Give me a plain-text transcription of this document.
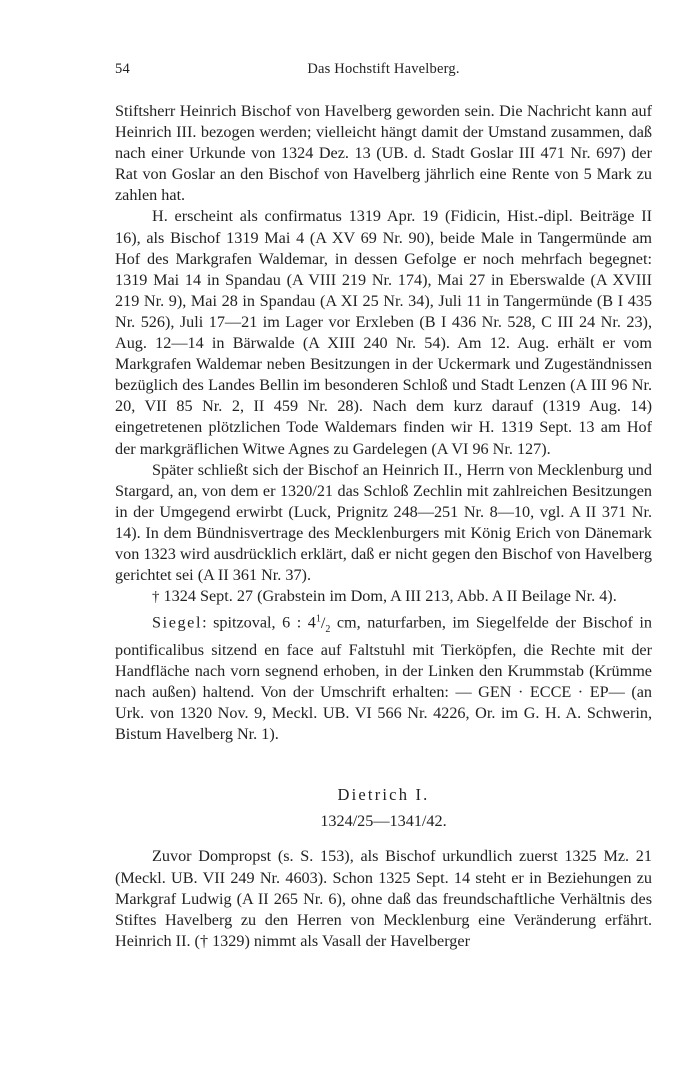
54	Das Hochstift Havelberg.

Stiftsherr Heinrich Bischof von Havelberg geworden sein. Die Nachricht kann auf Heinrich III. bezogen werden; vielleicht hängt damit der Umstand zusammen, daß nach einer Urkunde von 1324 Dez. 13 (UB. d. Stadt Goslar III 471 Nr. 697) der Rat von Goslar an den Bischof von Havelberg jährlich eine Rente von 5 Mark zu zahlen hat.

H. erscheint als confirmatus 1319 Apr. 19 (Fidicin, Hist.-dipl. Beiträge II 16), als Bischof 1319 Mai 4 (A XV 69 Nr. 90), beide Male in Tangermünde am Hof des Markgrafen Waldemar, in dessen Gefolge er noch mehrfach begegnet: 1319 Mai 14 in Spandau (A VIII 219 Nr. 174), Mai 27 in Eberswalde (A XVIII 219 Nr. 9), Mai 28 in Spandau (A XI 25 Nr. 34), Juli 11 in Tangermünde (B I 435 Nr. 526), Juli 17—21 im Lager vor Erxleben (B I 436 Nr. 528, C III 24 Nr. 23), Aug. 12—14 in Bärwalde (A XIII 240 Nr. 54). Am 12. Aug. erhält er vom Markgrafen Waldemar neben Besitzungen in der Uckermark und Zugeständnissen bezüglich des Landes Bellin im besonderen Schloß und Stadt Lenzen (A III 96 Nr. 20, VII 85 Nr. 2, II 459 Nr. 28). Nach dem kurz darauf (1319 Aug. 14) eingetretenen plötzlichen Tode Waldemars finden wir H. 1319 Sept. 13 am Hof der markgräflichen Witwe Agnes zu Gardelegen (A VI 96 Nr. 127).

Später schließt sich der Bischof an Heinrich II., Herrn von Mecklenburg und Stargard, an, von dem er 1320/21 das Schloß Zechlin mit zahlreichen Besitzungen in der Umgegend erwirbt (Luck, Prignitz 248—251 Nr. 8—10, vgl. A II 371 Nr. 14). In dem Bündnisvertrage des Mecklenburgers mit König Erich von Dänemark von 1323 wird ausdrücklich erklärt, daß er nicht gegen den Bischof von Havelberg gerichtet sei (A II 361 Nr. 37).

† 1324 Sept. 27 (Grabstein im Dom, A III 213, Abb. A II Beilage Nr. 4).

Siegel: spitzoval, 6 : $4^1/_2$ cm, naturfarben, im Siegelfelde der Bischof in pontificalibus sitzend en face auf Faltstuhl mit Tierköpfen, die Rechte mit der Handfläche nach vorn segnend erhoben, in der Linken den Krummstab (Krümme nach außen) haltend. Von der Umschrift erhalten: — GEN · ECCE · EP— (an Urk. von 1320 Nov. 9, Meckl. UB. VI 566 Nr. 4226, Or. im G. H. A. Schwerin, Bistum Havelberg Nr. 1).

Dietrich I.
1324/25—1341/42.

Zuvor Dompropst (s. S. 153), als Bischof urkundlich zuerst 1325 Mz. 21 (Meckl. UB. VII 249 Nr. 4603). Schon 1325 Sept. 14 steht er in Beziehungen zu Markgraf Ludwig (A II 265 Nr. 6), ohne daß das freundschaftliche Verhältnis des Stiftes Havelberg zu den Herren von Mecklenburg eine Veränderung erfährt. Heinrich II. († 1329) nimmt als Vasall der Havelberger
